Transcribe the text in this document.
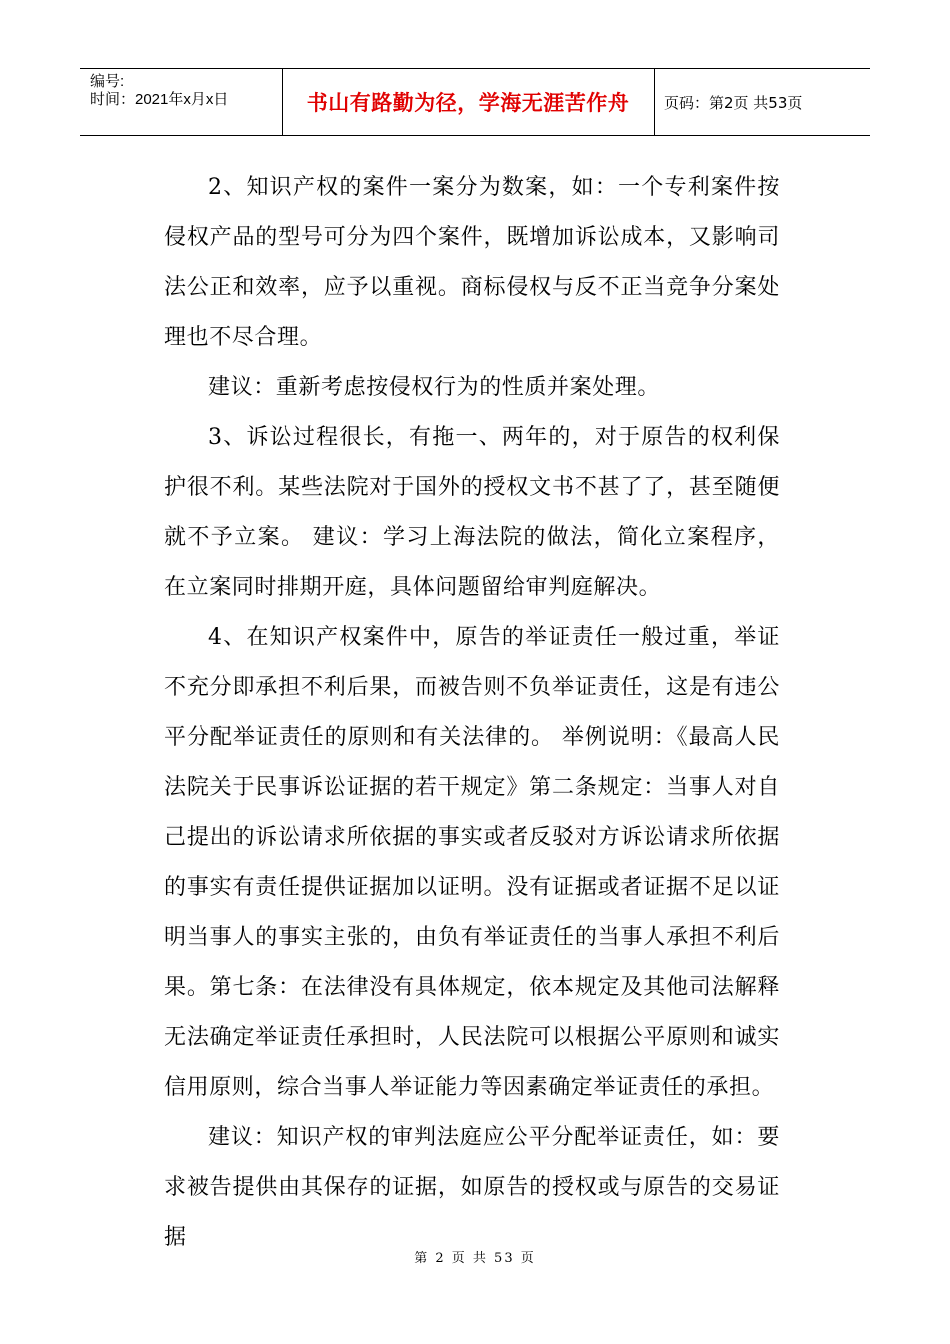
编号:
时间：2021年x月x日	书山有路勤为径，学海无涯苦作舟	页码：第2页 共53页

2、知识产权的案件一案分为数案，如：一个专利案件按侵权产品的型号可分为四个案件，既增加诉讼成本，又影响司法公正和效率，应予以重视。商标侵权与反不正当竞争分案处理也不尽合理。

建议：重新考虑按侵权行为的性质并案处理。

3、诉讼过程很长，有拖一、两年的，对于原告的权利保护很不利。某些法院对于国外的授权文书不甚了了，甚至随便就不予立案。 建议：学习上海法院的做法，简化立案程序，在立案同时排期开庭，具体问题留给审判庭解决。

4、在知识产权案件中，原告的举证责任一般过重，举证不充分即承担不利后果，而被告则不负举证责任，这是有违公平分配举证责任的原则和有关法律的。 举例说明：《最高人民法院关于民事诉讼证据的若干规定》第二条规定：当事人对自己提出的诉讼请求所依据的事实或者反驳对方诉讼请求所依据的事实有责任提供证据加以证明。没有证据或者证据不足以证明当事人的事实主张的，由负有举证责任的当事人承担不利后果。第七条：在法律没有具体规定，依本规定及其他司法解释无法确定举证责任承担时，人民法院可以根据公平原则和诚实信用原则，综合当事人举证能力等因素确定举证责任的承担。

建议：知识产权的审判法庭应公平分配举证责任，如：要求被告提供由其保存的证据，如原告的授权或与原告的交易证据

第 2 页 共 53 页
